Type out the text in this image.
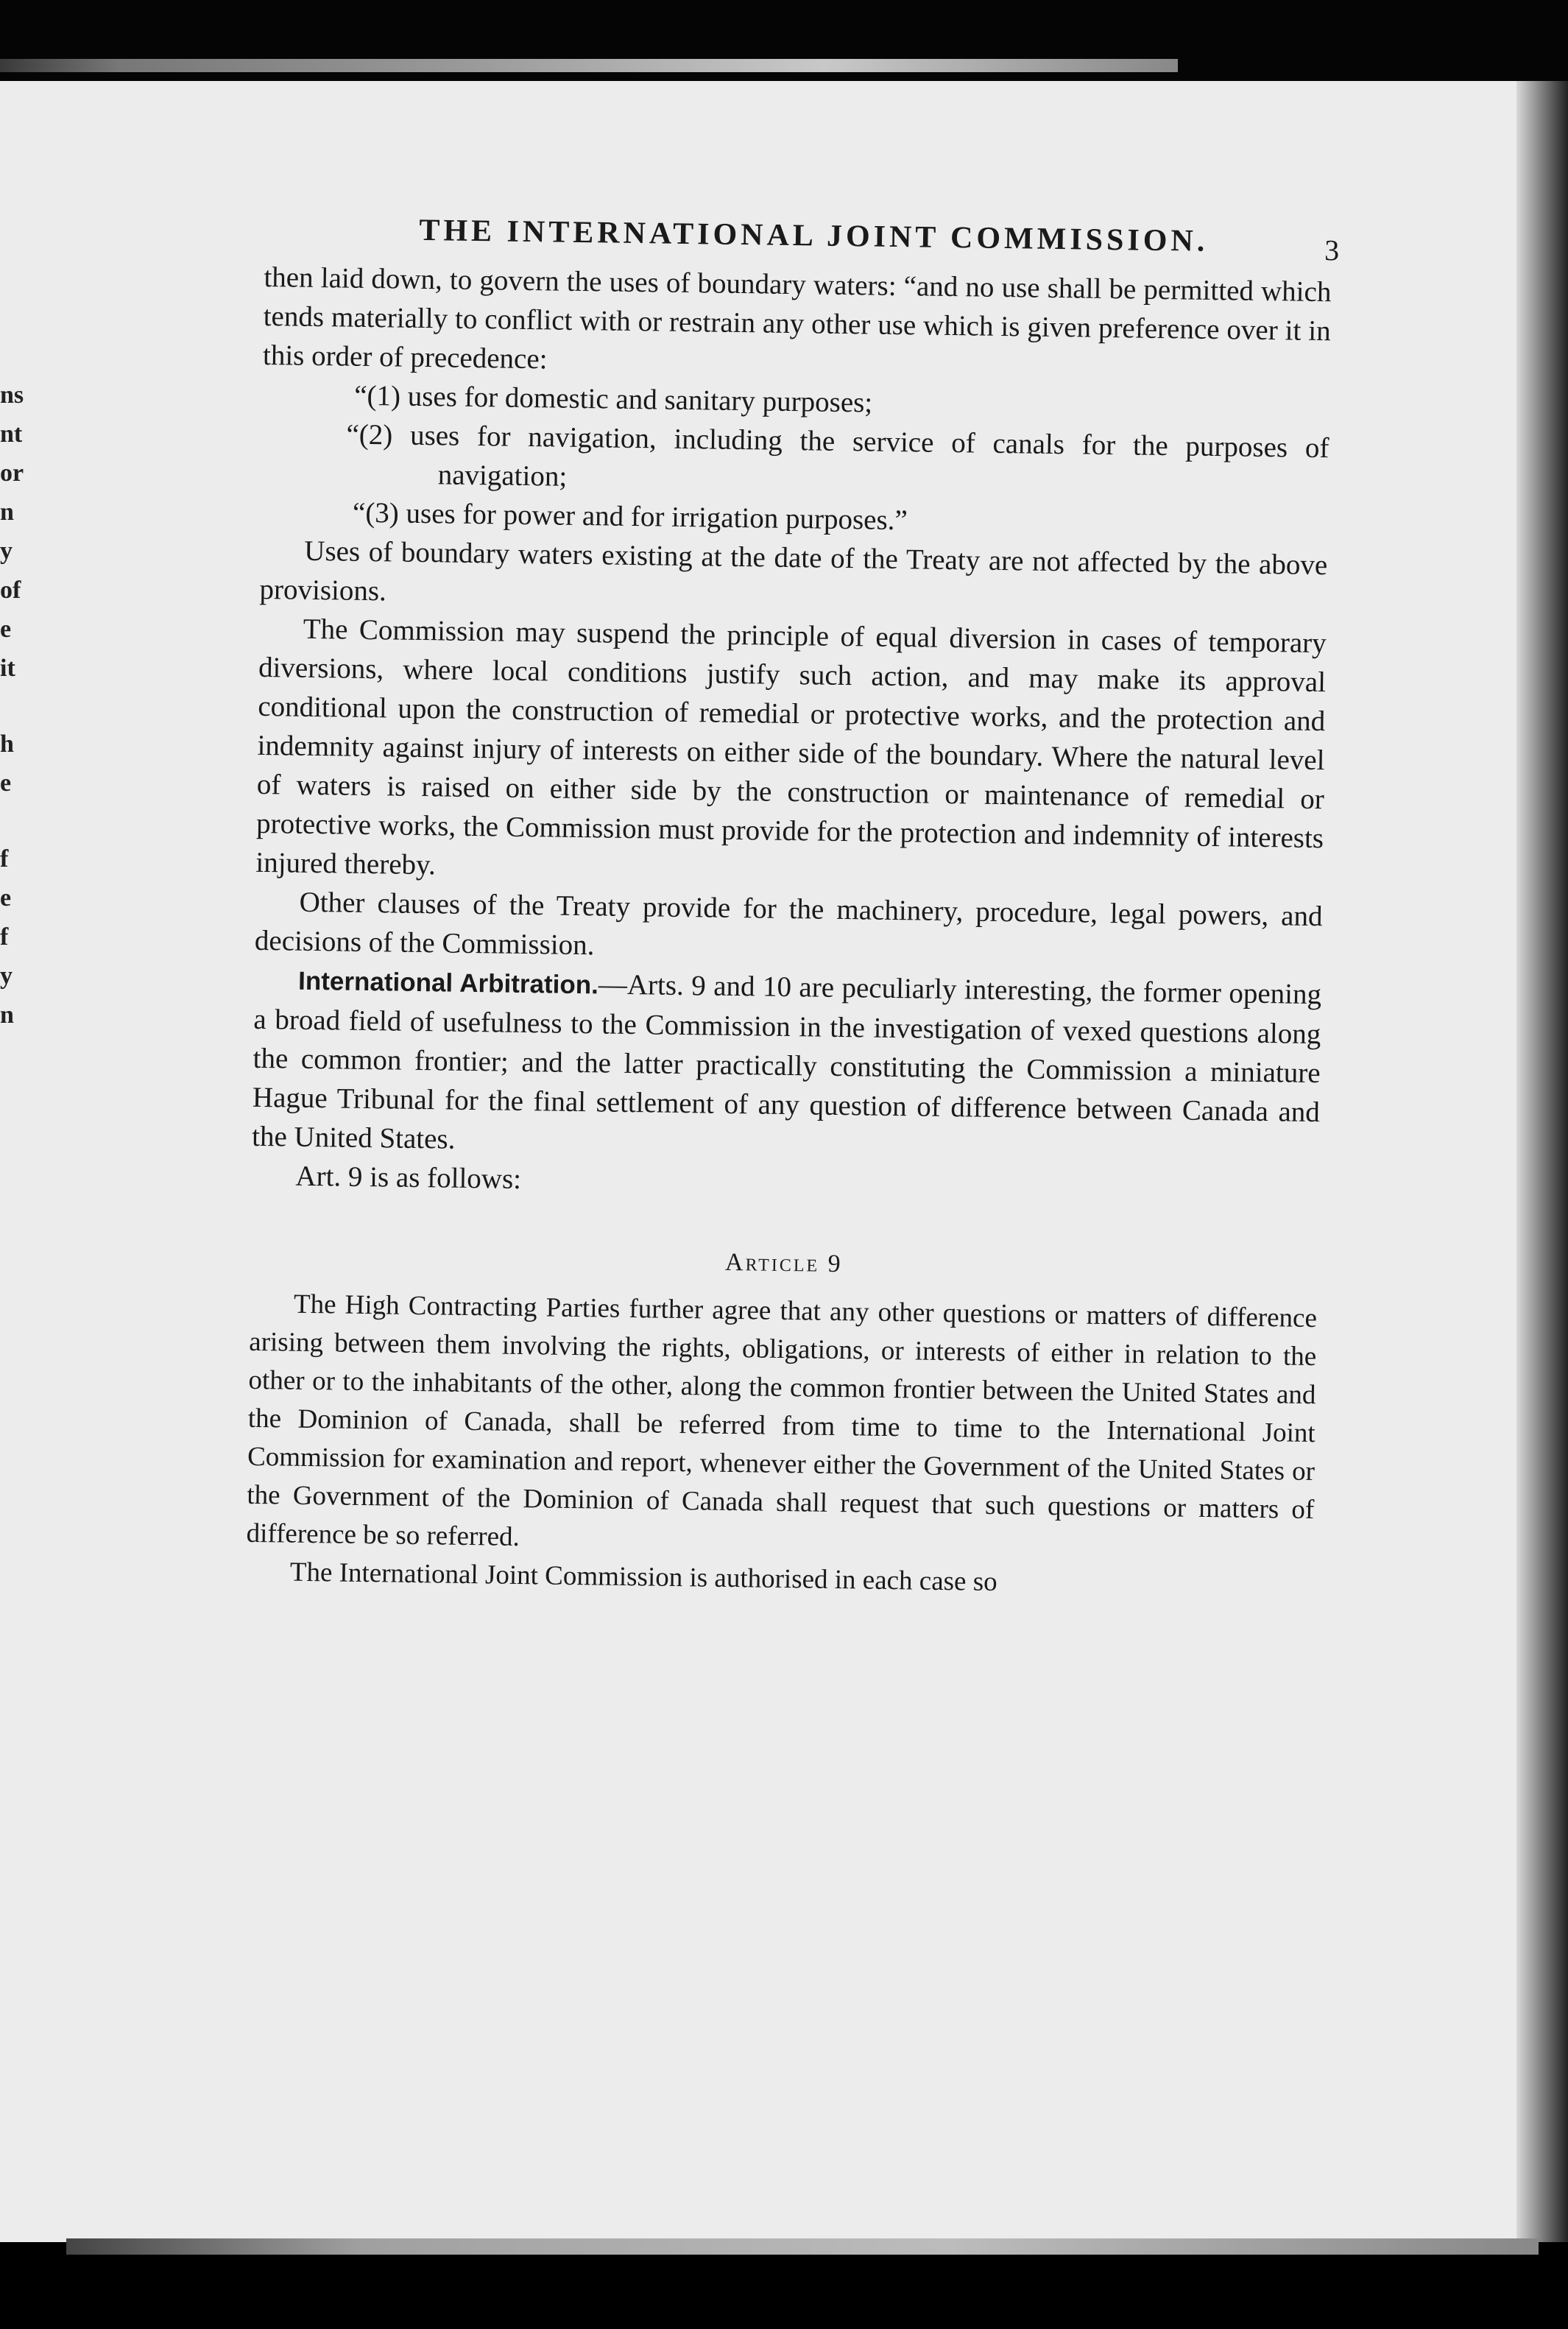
ns
nt
or
n
y
of
e
it
h
e
f
e
f
y
n
THE INTERNATIONAL JOINT COMMISSION.	3

then laid down, to govern the uses of boundary waters: “and no use shall be permitted which tends materially to conflict with or restrain any other use which is given preference over it in this order of precedence:

“(1) uses for domestic and sanitary purposes;

“(2) uses for navigation, including the service of canals for the purposes of navigation;

“(3) uses for power and for irrigation purposes.”

Uses of boundary waters existing at the date of the Treaty are not affected by the above provisions.

The Commission may suspend the principle of equal diversion in cases of temporary diversions, where local conditions justify such action, and may make its approval conditional upon the construction of remedial or protective works, and the protection and indemnity against injury of interests on either side of the boundary. Where the natural level of waters is raised on either side by the construction or maintenance of remedial or protective works, the Commission must provide for the protection and indemnity of interests injured thereby.

Other clauses of the Treaty provide for the machinery, procedure, legal powers, and decisions of the Commission.

International Arbitration.—Arts. 9 and 10 are peculiarly interesting, the former opening a broad field of usefulness to the Commission in the investigation of vexed questions along the common frontier; and the latter practically constituting the Commission a miniature Hague Tribunal for the final settlement of any question of difference between Canada and the United States.

Art. 9 is as follows:

Article 9

The High Contracting Parties further agree that any other questions or matters of difference arising between them involving the rights, obligations, or interests of either in relation to the other or to the inhabitants of the other, along the common frontier between the United States and the Dominion of Canada, shall be referred from time to time to the International Joint Commission for examination and report, whenever either the Government of the United States or the Government of the Dominion of Canada shall request that such questions or matters of difference be so referred.

The International Joint Commission is authorised in each case so
